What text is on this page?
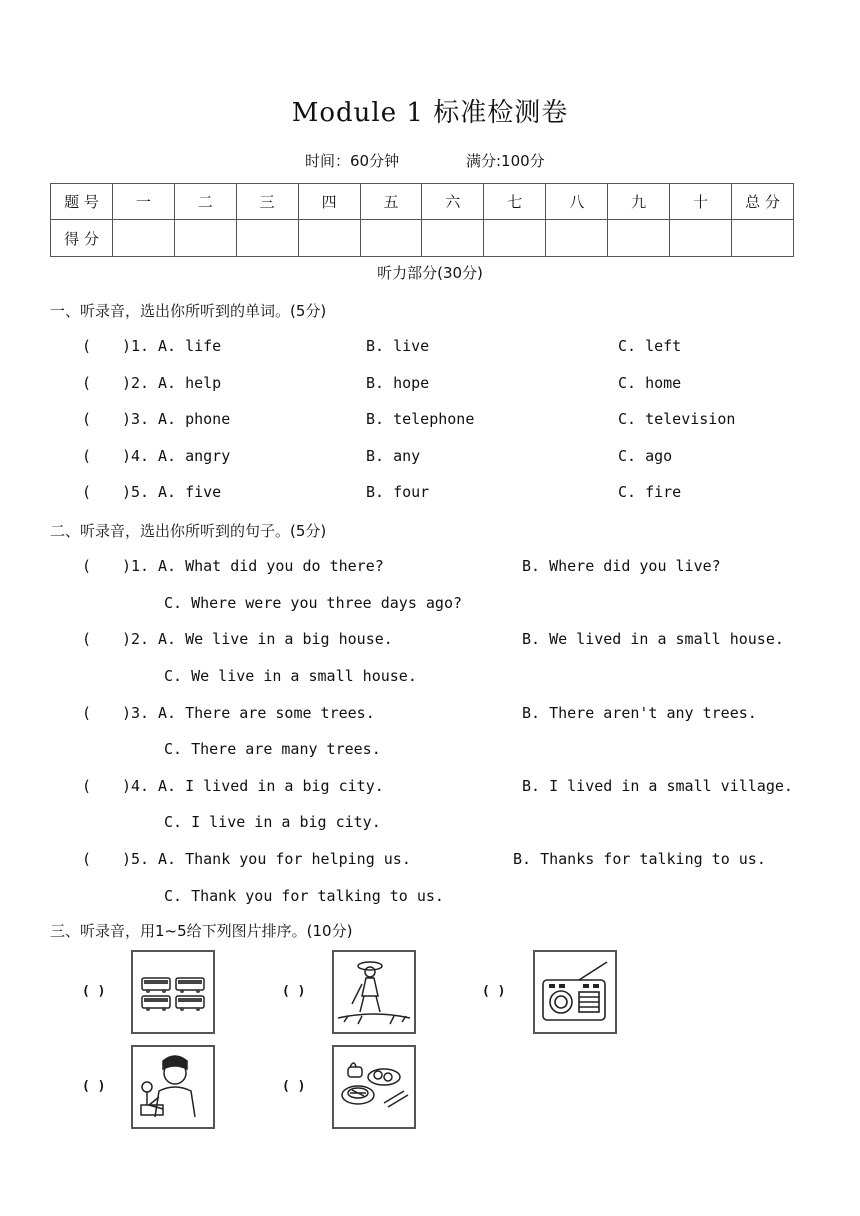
Module 1 标准检测卷
时间：60分钟	满分:100分
题 号	一	二	三	四	五	六	七	八	九	十	总 分
得 分											
听力部分(30分)
一、听录音，选出你所听到的单词。(5分)
( )1. A. life	B. live	C. left
( )2. A. help	B. hope	C. home
( )3. A. phone	B. telephone	C. television
( )4. A. angry	B. any	C. ago
( )5. A. five	B. four	C. fire
二、听录音，选出你所听到的句子。(5分)
( )1. A. What did you do there?	B. Where did you live?
C. Where were you three days ago?
( )2. A. We live in a big house.	B. We lived in a small house.
C. We live in a small house.
( )3. A. There are some trees.	B. There aren't any trees.
C. There are many trees.
( )4. A. I lived in a big city.	B. I lived in a small village.
C. I live in a big city.
( )5. A. Thank you for helping us.	B. Thanks for talking to us.
C. Thank you for talking to us.
三、听录音，用1~5给下列图片排序。(10分)
( )	( )	( )
( )	( )
